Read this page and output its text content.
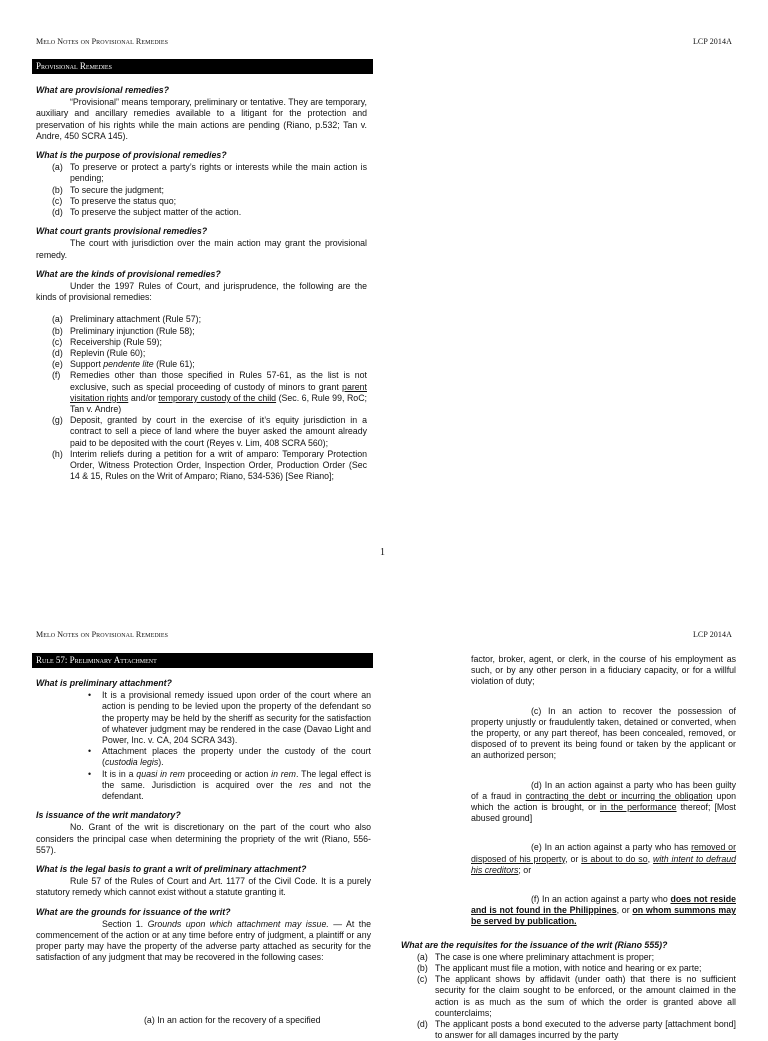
Melo Notes on Provisional Remedies	LCP 2014A
Provisional Remedies
What are provisional remedies?

“Provisional” means temporary, preliminary or tentative. They are temporary, auxiliary and ancillary remedies available to a litigant for the protection and preservation of his rights while the main actions are pending (Riano, p.532; Tan v. Andre, 450 SCRA 145).

What is the purpose of provisional remedies?
(a) To preserve or protect a party’s rights or interests while the main action is pending;
(b) To secure the judgment;
(c) To preserve the status quo;
(d) To preserve the subject matter of the action.
What court grants provisional remedies?

The court with jurisdiction over the main action may grant the provisional remedy.

What are the kinds of provisional remedies?

Under the 1997 Rules of Court, and jurisprudence, the following are the kinds of provisional remedies:

(a) Preliminary attachment (Rule 57);
(b) Preliminary injunction (Rule 58);
(c) Receivership (Rule 59);
(d) Replevin (Rule 60);
(e) Support pendente lite (Rule 61);
(f) Remedies other than those specified in Rules 57-61, as the list is not exclusive, such as special proceeding of custody of minors to grant parent visitation rights and/or temporary custody of the child (Sec. 6, Rule 99, RoC; Tan v. Andre)
(g) Deposit, granted by court in the exercise of it’s equity jurisdiction in a contract to sell a piece of land where the buyer asked the amount already paid to be deposited with the court (Reyes v. Lim, 408 SCRA 560);
(h) Interim reliefs during a petition for a writ of amparo: Temporary Protection Order, Witness Protection Order, Inspection Order, Production Order (Sec 14 & 15, Rules on the Writ of Amparo; Riano, 534-536) [See Riano];
1
Melo Notes on Provisional Remedies	LCP 2014A
Rule 57: Preliminary Attachment
What is preliminary attachment?
• It is a provisional remedy issued upon order of the court where an action is pending to be levied upon the property of the defendant so the property may be held by the sheriff as security for the satisfaction of whatever judgment may be rendered in the case (Davao Light and Power, Inc. v. CA, 204 SCRA 343).
• Attachment places the property under the custody of the court (custodia legis).
• It is in a quasi in rem proceeding or action in rem. The legal effect is the same. Jurisdiction is acquired over the res and not the defendant.
Is issuance of the writ mandatory?

No. Grant of the writ is discretionary on the part of the court who also considers the principal case when determining the propriety of the writ (Riano, 556-557).

What is the legal basis to grant a writ of preliminary attachment?

Rule 57 of the Rules of Court and Art. 1177 of the Civil Code. It is a purely statutory remedy which cannot exist without a statute granting it.

What are the grounds for issuance of the writ?

Section 1. Grounds upon which attachment may issue. — At the commencement of the action or at any time before entry of judgment, a plaintiff or any proper party may have the property of the adverse party attached as security for the satisfaction of any judgment that may be recovered in the following cases:

(a) In an action for the recovery of a specified

factor, broker, agent, or clerk, in the course of his employment as such, or by any other person in a fiduciary capacity, or for a willful violation of duty;

(c) In an action to recover the possession of property unjustly or fraudulently taken, detained or converted, when the property, or any part thereof, has been concealed, removed, or disposed of to prevent its being found or taken by the applicant or an authorized person;

(d) In an action against a party who has been guilty of a fraud in contracting the debt or incurring the obligation upon which the action is brought, or in the performance thereof; [Most abused ground]

(e) In an action against a party who has removed or disposed of his property, or is about to do so, with intent to defraud his creditors; or

(f) In an action against a party who does not reside and is not found in the Philippines, or on whom summons may be served by publication.

What are the requisites for the issuance of the writ (Riano 555)?
(a) The case is one where preliminary attachment is proper;
(b) The applicant must file a motion, with notice and hearing or ex parte;
(c) The applicant shows by affidavit (under oath) that there is no sufficient security for the claim sought to be enforced, or the amount claimed in the action is as much as the sum of which the order is granted above all counterclaims;
(d) The applicant posts a bond executed to the adverse party [attachment bond] to answer for all damages incurred by the party
